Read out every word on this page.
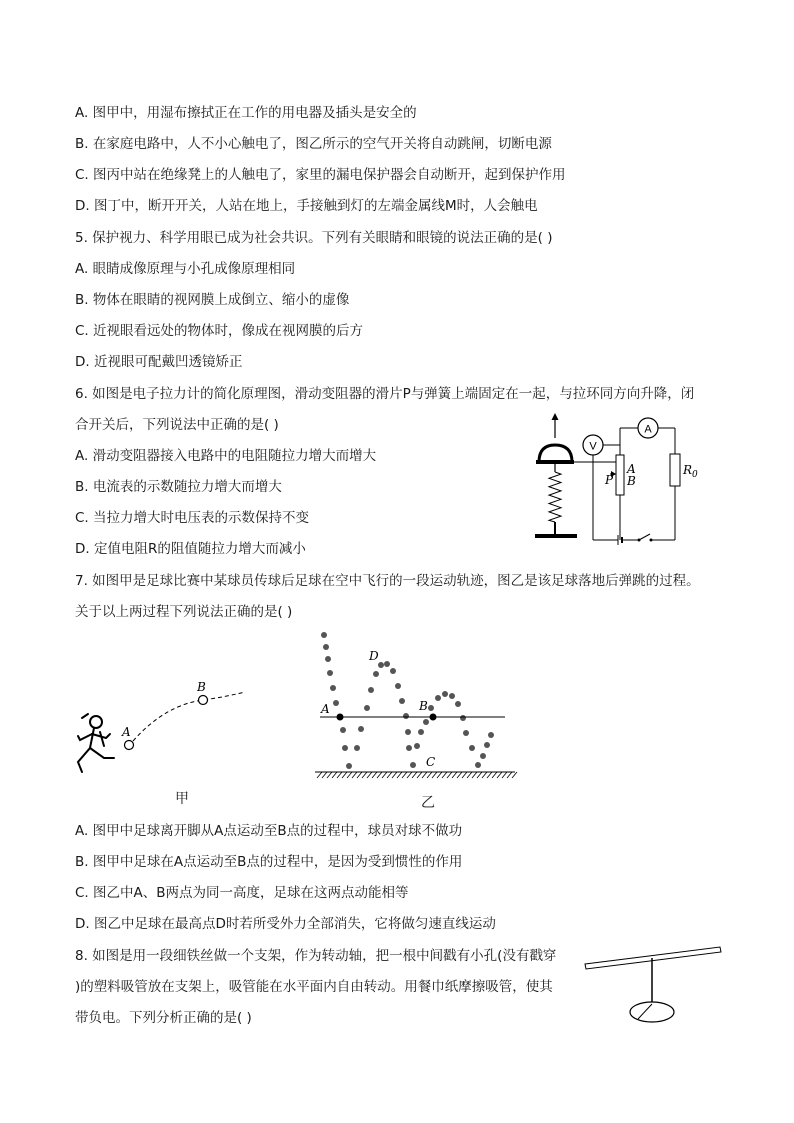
A. 图甲中，用湿布擦拭正在工作的用电器及插头是安全的
B. 在家庭电路中，人不小心触电了，图乙所示的空气开关将自动跳闸，切断电源
C. 图丙中站在绝缘凳上的人触电了，家里的漏电保护器会自动断开，起到保护作用
D. 图丁中，断开开关，人站在地上，手接触到灯的左端金属线M时，人会触电
5. 保护视力、科学用眼已成为社会共识。下列有关眼睛和眼镜的说法正确的是( )
A. 眼睛成像原理与小孔成像原理相同
B. 物体在眼睛的视网膜上成倒立、缩小的虚像
C. 近视眼看远处的物体时，像成在视网膜的后方
D. 近视眼可配戴凹透镜矫正
6. 如图是电子拉力计的简化原理图，滑动变阻器的滑片P与弹簧上端固定在一起，与拉环同方向升降，闭
合开关后，下列说法中正确的是( )
A. 滑动变阻器接入电路中的电阻随拉力增大而增大
B. 电流表的示数随拉力增大而增大
C. 当拉力增大时电压表的示数保持不变
D. 定值电阻R的阻值随拉力增大而减小
V
A
B
P
A
$R_0$
7. 如图甲是足球比赛中某球员传球后足球在空中飞行的一段运动轨迹，图乙是该足球落地后弹跳的过程。
关于以上两过程下列说法正确的是( )
A
B
甲
A	B
C
D
乙
A. 图甲中足球离开脚从A点运动至B点的过程中，球员对球不做功
B. 图甲中足球在A点运动至B点的过程中，是因为受到惯性的作用
C. 图乙中A、B两点为同一高度，足球在这两点动能相等
D. 图乙中足球在最高点D时若所受外力全部消失，它将做匀速直线运动
8. 如图是用一段细铁丝做一个支架，作为转动轴，把一根中间戳有小孔(没有戳穿
)的塑料吸管放在支架上，吸管能在水平面内自由转动。用餐巾纸摩擦吸管，使其
带负电。下列分析正确的是( )
